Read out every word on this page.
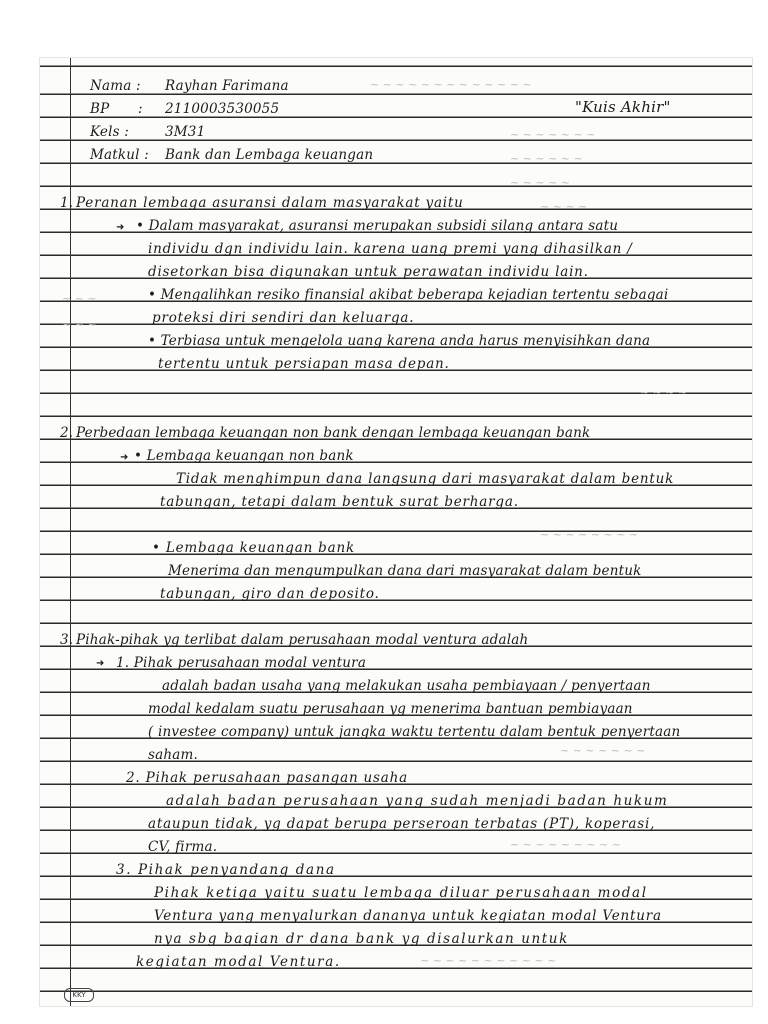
~ ~ ~ ~ ~ ~ ~ ~ ~ ~ ~ ~ ~
~ ~ ~ ~ ~ ~ ~
~ ~ ~ ~ ~ ~
~ ~ ~ ~ ~
~ ~ ~ ~
~ ~ ~
~ ~ ~
~ ~ ~ ~
~ ~ ~ ~ ~ ~ ~ ~
~ ~ ~ ~ ~ ~ ~
~ ~ ~ ~ ~ ~ ~ ~ ~
~ ~ ~ ~ ~ ~ ~ ~ ~ ~ ~
Nama : Rayhan Farimana
BP : 2110003530055	"Kuis Akhir"
Kels :	3M31
Matkul : Bank dan Lembaga keuangan
1. Peranan lembaga asuransi dalam masyarakat yaitu
➜ • Dalam masyarakat, asuransi merupakan subsidi silang antara satu
individu dgn individu lain. karena uang premi yang dihasilkan /
disetorkan bisa digunakan untuk perawatan individu lain.
• Mengalihkan resiko finansial akibat beberapa kejadian tertentu sebagai
proteksi diri sendiri dan keluarga.
• Terbiasa untuk mengelola uang karena anda harus menyisihkan dana
tertentu untuk persiapan masa depan.
2. Perbedaan lembaga keuangan non bank dengan lembaga keuangan bank
➜ • Lembaga keuangan non bank
Tidak menghimpun dana langsung dari masyarakat dalam bentuk
tabungan, tetapi dalam bentuk surat berharga.
• Lembaga keuangan bank
Menerima dan mengumpulkan dana dari masyarakat dalam bentuk
tabungan, giro dan deposito.
3. Pihak-pihak yg terlibat dalam perusahaan modal ventura adalah
➜ 1. Pihak perusahaan modal ventura
adalah badan usaha yang melakukan usaha pembiayaan / penyertaan
modal kedalam suatu perusahaan yg menerima bantuan pembiayaan
( investee company) untuk jangka waktu tertentu dalam bentuk penyertaan
saham.
2. Pihak perusahaan pasangan usaha
adalah badan perusahaan yang sudah menjadi badan hukum
ataupun tidak, yg dapat berupa perseroan terbatas (PT), koperasi,
CV, firma.
3. Pihak penyandang dana
Pihak ketiga yaitu suatu lembaga diluar perusahaan modal
Ventura yang menyalurkan dananya untuk kegiatan modal Ventura
nya sbg bagian dr dana bank yg disalurkan untuk
kegiatan modal Ventura.
KKY
